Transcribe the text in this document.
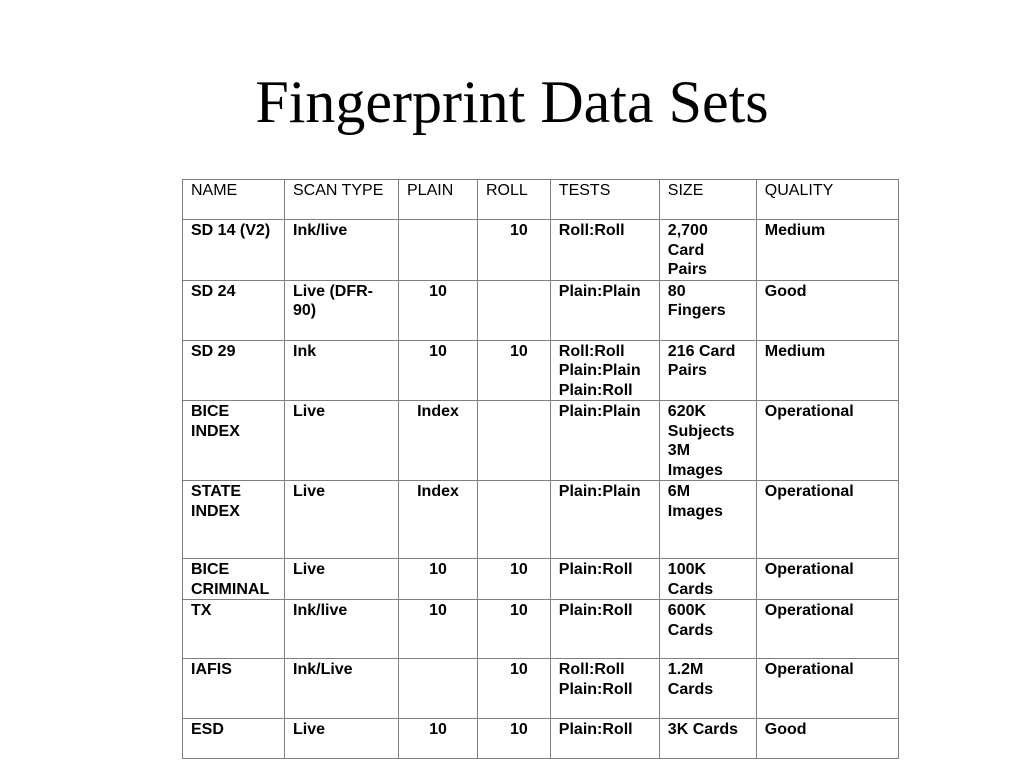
Fingerprint Data Sets
NAME	SCAN TYPE	PLAIN	ROLL	TESTS	SIZE	QUALITY

SD 14 (V2)	Ink/live		10	Roll:Roll	2,700
Card
Pairs	Medium

SD 24	Live (DFR-
90)	10		Plain:Plain	80
Fingers	Good

SD 29	Ink	10	10	Roll:Roll
Plain:Plain
Plain:Roll	216 Card
Pairs	Medium

BICE
INDEX	Live	Index		Plain:Plain	620K
Subjects
3M
Images	Operational

STATE
INDEX	Live	Index		Plain:Plain	6M
Images	Operational

BICE
CRIMINAL	Live	10	10	Plain:Roll	100K
Cards	Operational

TX	Ink/live	10	10	Plain:Roll	600K
Cards	Operational

IAFIS	Ink/Live		10	Roll:Roll
Plain:Roll	1.2M
Cards	Operational

ESD	Live	10	10	Plain:Roll	3K Cards	Good
